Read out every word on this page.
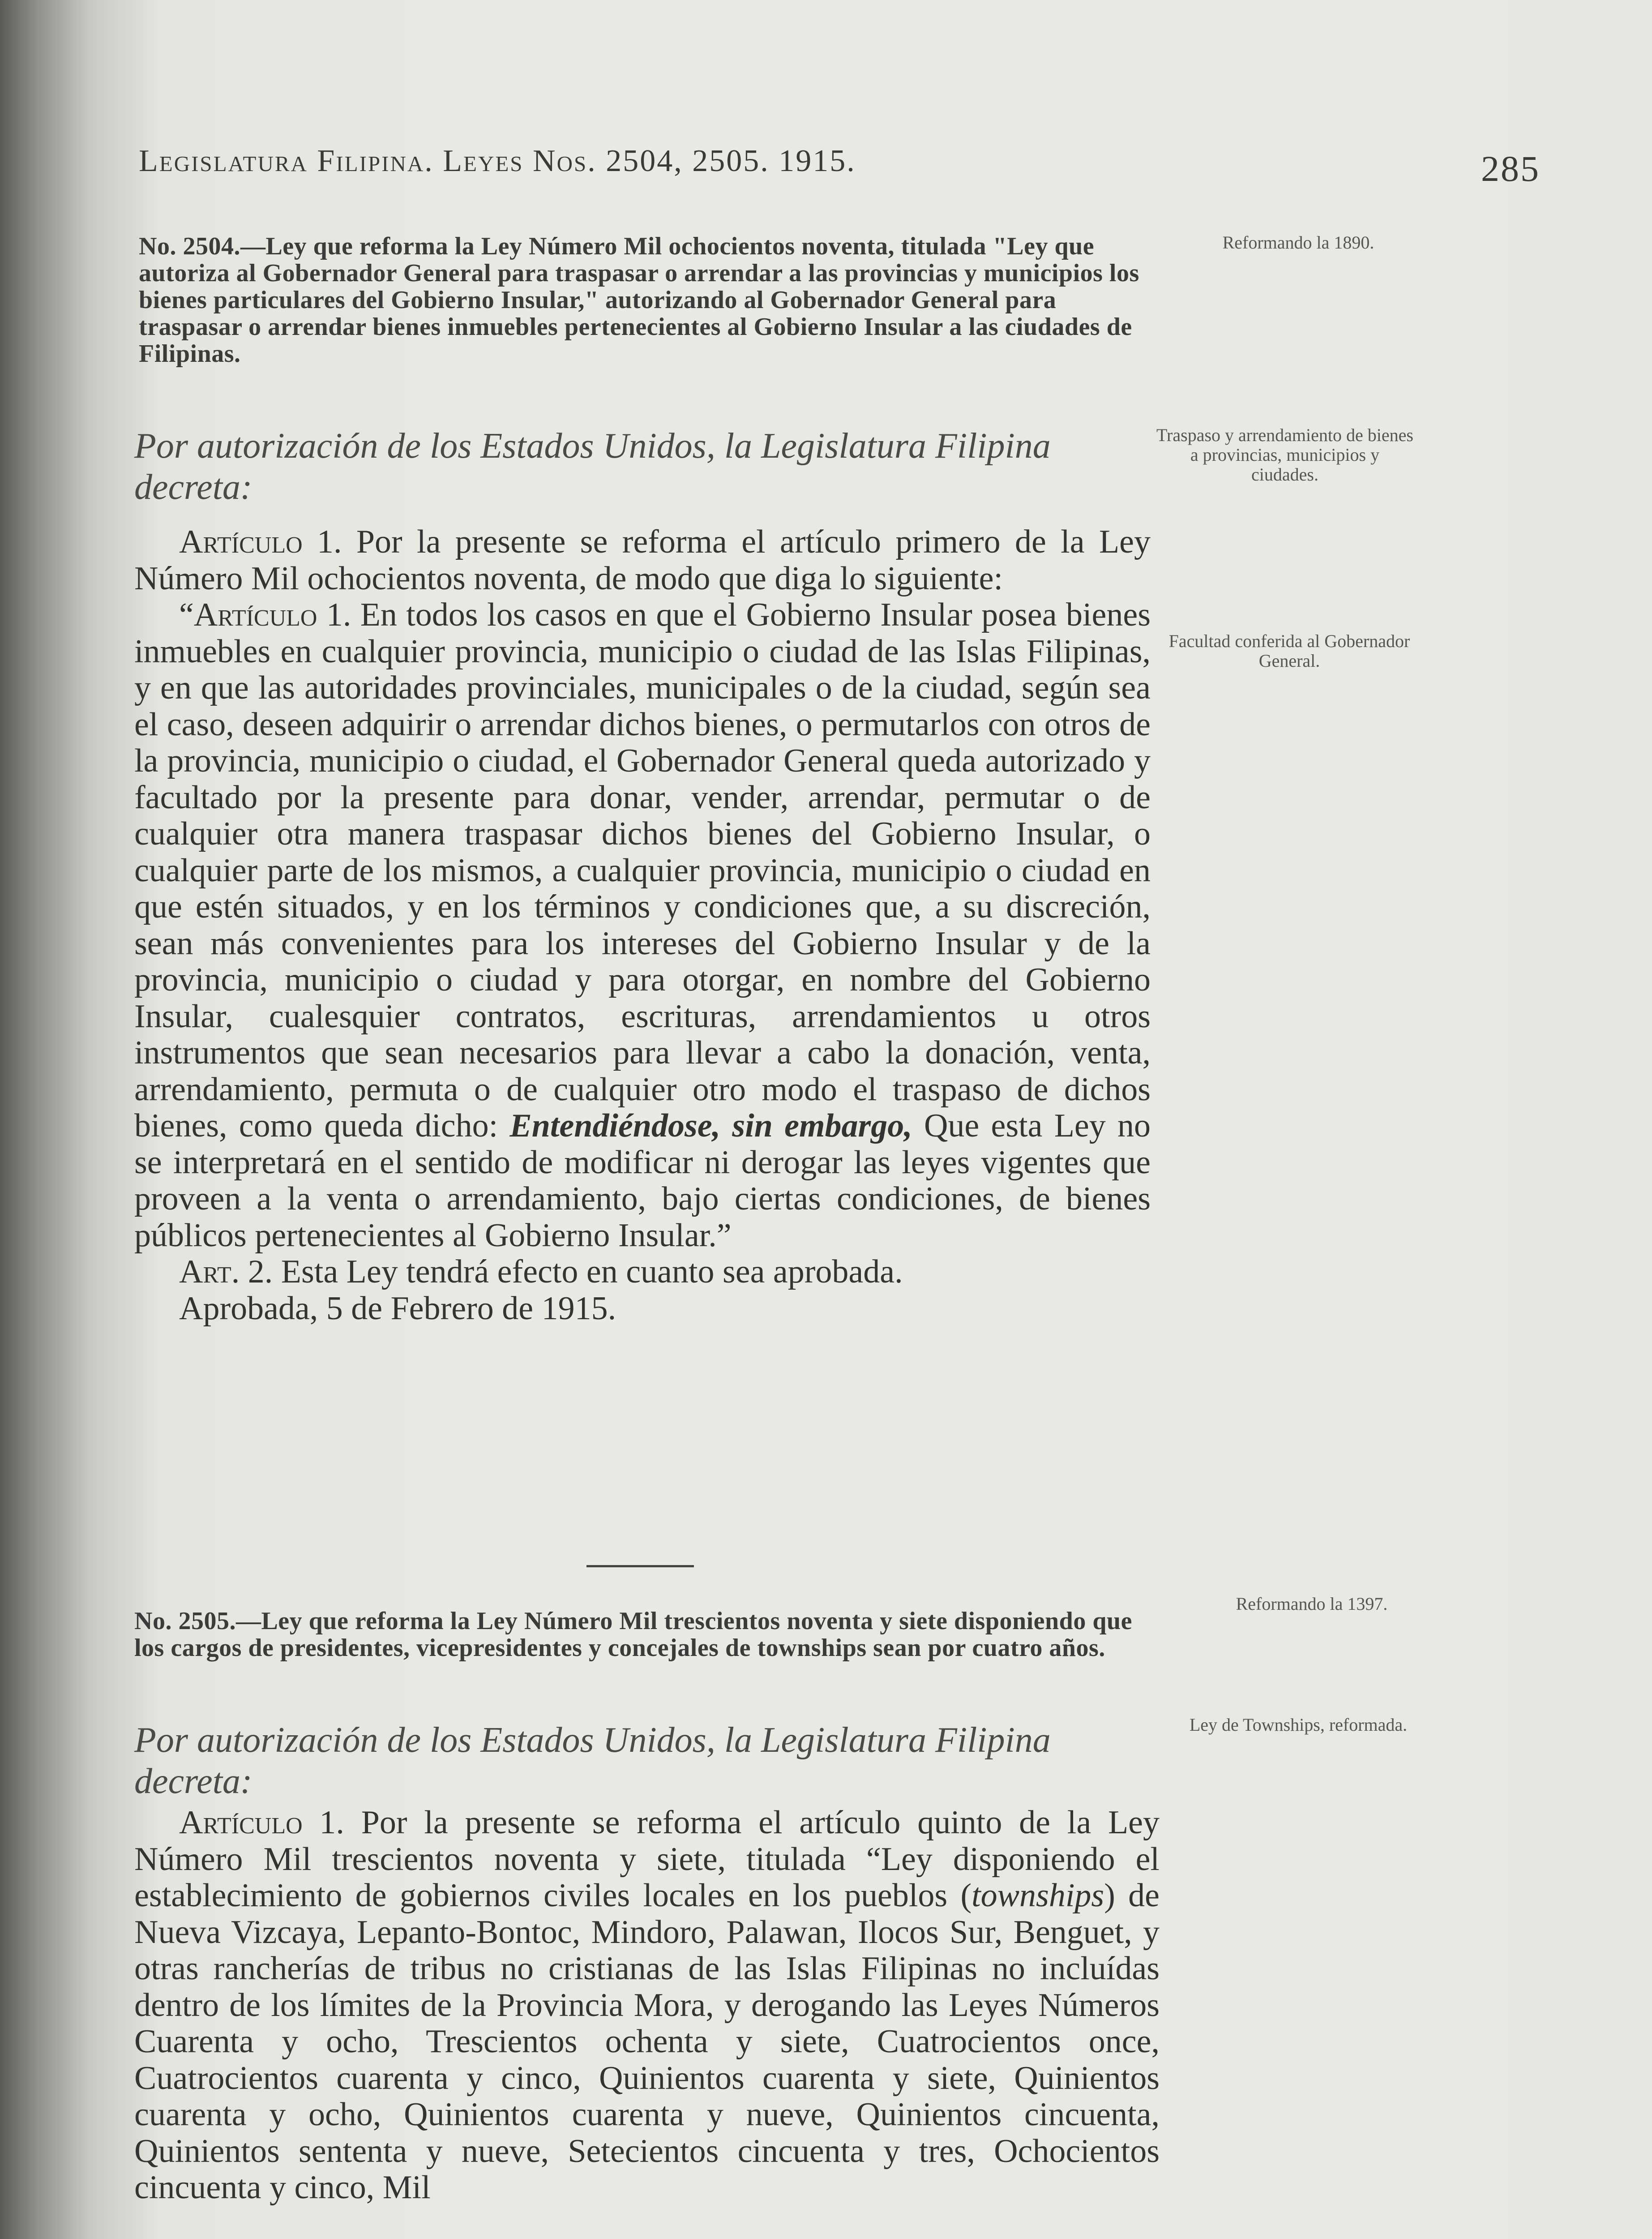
Legislatura Filipina. Leyes Nos. 2504, 2505. 1915.	285
No. 2504.—Ley que reforma la Ley Número Mil ochocientos noventa, titulada "Ley que autoriza al Gobernador General para traspasar o arrendar a las provincias y municipios los bienes particulares del Gobierno Insular," autorizando al Gobernador General para traspasar o arrendar bienes inmuebles pertenecientes al Gobierno Insular a las ciudades de Filipinas.
Por autorización de los Estados Unidos, la Legislatura Filipina decreta:

Artículo 1. Por la presente se reforma el artículo primero de la Ley Número Mil ochocientos noventa, de modo que diga lo siguiente:

“Artículo 1. En todos los casos en que el Gobierno Insular posea bienes inmuebles en cualquier provincia, municipio o ciudad de las Islas Filipinas, y en que las autoridades provinciales, municipales o de la ciudad, según sea el caso, deseen adquirir o arrendar dichos bienes, o permutarlos con otros de la provincia, municipio o ciudad, el Gobernador General queda autorizado y facultado por la presente para donar, vender, arrendar, permutar o de cualquier otra manera traspasar dichos bienes del Gobierno Insular, o cualquier parte de los mismos, a cualquier provincia, municipio o ciudad en que estén situados, y en los términos y condiciones que, a su discreción, sean más convenientes para los intereses del Gobierno Insular y de la provincia, municipio o ciudad y para otorgar, en nombre del Gobierno Insular, cualesquier contratos, escrituras, arrendamientos u otros instrumentos que sean necesarios para llevar a cabo la donación, venta, arrendamiento, permuta o de cualquier otro modo el traspaso de dichos bienes, como queda dicho: Entendiéndose, sin embargo, Que esta Ley no se interpretará en el sentido de modificar ni derogar las leyes vigentes que proveen a la venta o arrendamiento, bajo ciertas condiciones, de bienes públicos pertenecientes al Gobierno Insular.”

Art. 2. Esta Ley tendrá efecto en cuanto sea aprobada.

Aprobada, 5 de Febrero de 1915.

Reformando la 1890.
Traspaso y arrendamiento de bienes a provincias, municipios y ciudades.
Facultad conferida al Gobernador General.
No. 2505.—Ley que reforma la Ley Número Mil trescientos noventa y siete disponiendo que los cargos de presidentes, vicepresidentes y concejales de townships sean por cuatro años.
Por autorización de los Estados Unidos, la Legislatura Filipina decreta:

Artículo 1. Por la presente se reforma el artículo quinto de la Ley Número Mil trescientos noventa y siete, titulada “Ley disponiendo el establecimiento de gobiernos civiles locales en los pueblos (townships) de Nueva Vizcaya, Lepanto-Bontoc, Mindoro, Palawan, Ilocos Sur, Benguet, y otras rancherías de tribus no cristianas de las Islas Filipinas no incluídas dentro de los límites de la Provincia Mora, y derogando las Leyes Números Cuarenta y ocho, Trescientos ochenta y siete, Cuatrocientos once, Cuatrocientos cuarenta y cinco, Quinientos cuarenta y siete, Quinientos cuarenta y ocho, Quinientos cuarenta y nueve, Quinientos cincuenta, Quinientos sententa y nueve, Setecientos cincuenta y tres, Ochocientos cincuenta y cinco, Mil

Reformando la 1397.
Ley de Townships, reformada.
